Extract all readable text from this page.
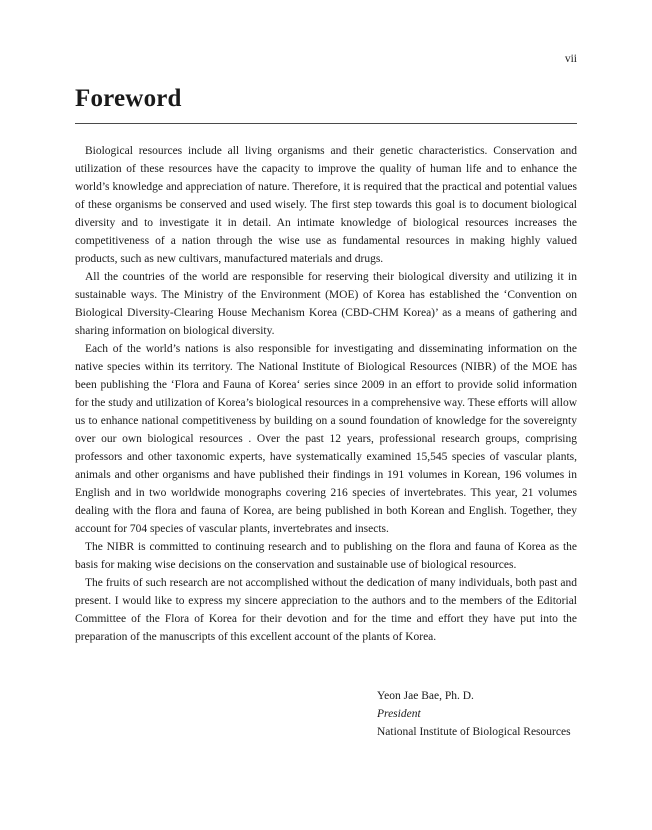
vii
Foreword

Biological resources include all living organisms and their genetic characteristics. Conservation and utilization of these resources have the capacity to improve the quality of human life and to enhance the world’s knowledge and appreciation of nature. Therefore, it is required that the practical and potential values of these organisms be conserved and used wisely. The first step towards this goal is to document biological diversity and to investigate it in detail. An intimate knowledge of biological resources increases the competitiveness of a nation through the wise use as fundamental resources in making highly valued products, such as new cultivars, manufactured materials and drugs.

All the countries of the world are responsible for reserving their biological diversity and utilizing it in sustainable ways. The Ministry of the Environment (MOE) of Korea has established the ‘Convention on Biological Diversity-Clearing House Mechanism Korea (CBD-CHM Korea)’ as a means of gathering and sharing information on biological diversity.

Each of the world’s nations is also responsible for investigating and disseminating information on the native species within its territory. The National Institute of Biological Resources (NIBR) of the MOE has been publishing the ‘Flora and Fauna of Korea‘ series since 2009 in an effort to provide solid information for the study and utilization of Korea’s biological resources in a comprehensive way. These efforts will allow us to enhance national competitiveness by building on a sound foundation of knowledge for the sovereignty over our own biological resources . Over the past 12 years, professional research groups, comprising professors and other taxonomic experts, have systematically examined 15,545 species of vascular plants, animals and other organisms and have published their findings in 191 volumes in Korean, 196 volumes in English and in two worldwide monographs covering 216 species of invertebrates. This year, 21 volumes dealing with the flora and fauna of Korea, are being published in both Korean and English. Together, they account for 704 species of vascular plants, invertebrates and insects.

The NIBR is committed to continuing research and to publishing on the flora and fauna of Korea as the basis for making wise decisions on the conservation and sustainable use of biological resources.

The fruits of such research are not accomplished without the dedication of many individuals, both past and present. I would like to express my sincere appreciation to the authors and to the members of the Editorial Committee of the Flora of Korea for their devotion and for the time and effort they have put into the preparation of the manuscripts of this excellent account of the plants of Korea.

Yeon Jae Bae, Ph. D.
President
National Institute of Biological Resources
